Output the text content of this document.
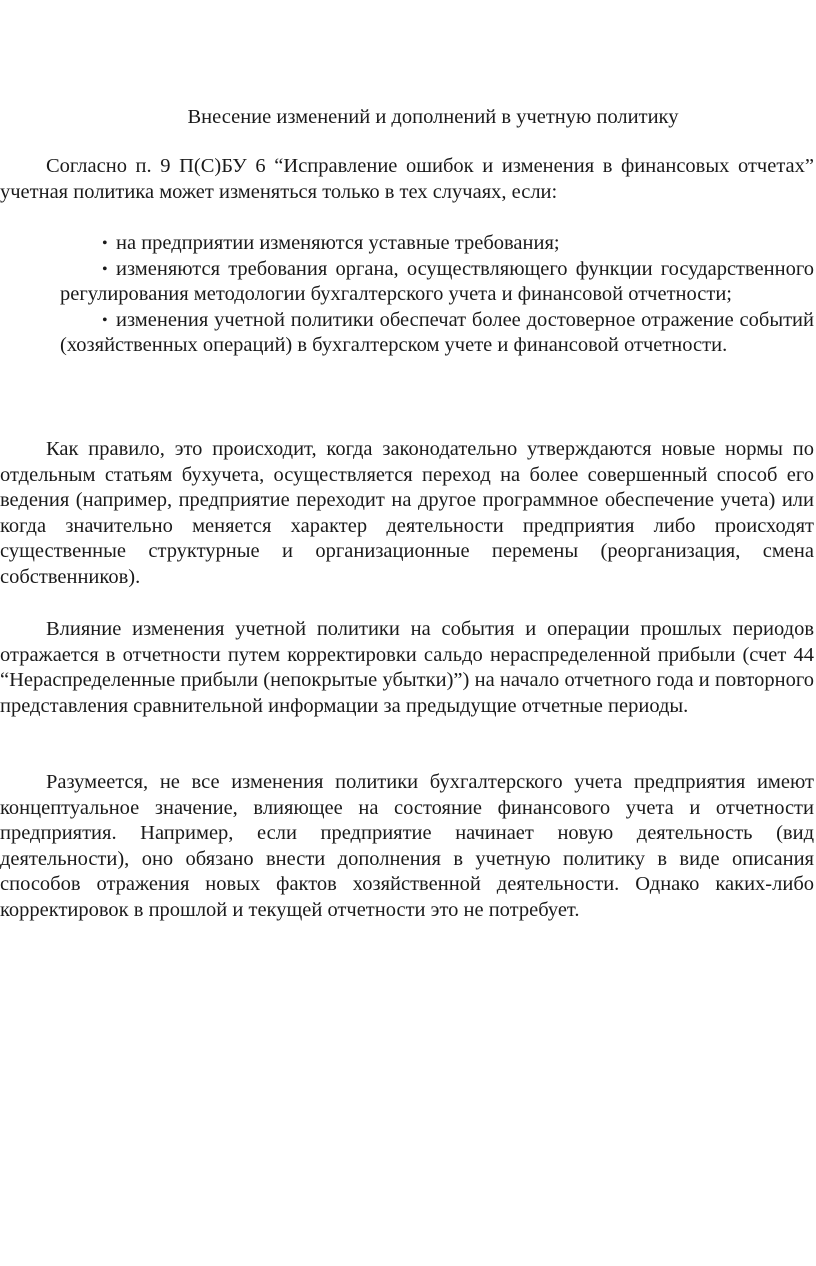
Внесение изменений и дополнений в учетную политику

Согласно п. 9 П(С)БУ 6 “Исправление ошибок и изменения в финансовых отчетах” учетная политика может изменяться только в тех случаях, если:

• на предприятии изменяются уставные требования;
• изменяются требования органа, осуществляющего функции государственного регулирования методологии бухгалтерского учета и финансовой отчетности;
• изменения учетной политики обеспечат более достоверное отражение событий (хозяйственных операций) в бухгалтерском учете и финансовой отчетности.

Как правило, это происходит, когда законодательно утверждаются новые нормы по отдельным статьям бухучета, осуществляется переход на более совершенный способ его ведения (например, предприятие переходит на другое программное обеспечение учета) или когда значительно меняется характер деятельности предприятия либо происходят существенные структурные и организационные перемены (реорганизация, смена собственников).

Влияние изменения учетной политики на события и операции прошлых периодов отражается в отчетности путем корректировки сальдо нераспределенной прибыли (счет 44 “Нераспределенные прибыли (непокрытые убытки)”) на начало отчетного года и повторного представления сравнительной информации за предыдущие отчетные периоды.

Разумеется, не все изменения политики бухгалтерского учета предприятия имеют концептуальное значение, влияющее на состояние финансового учета и отчетности предприятия. Например, если предприятие начинает новую деятельность (вид деятельности), оно обязано внести дополнения в учетную политику в виде описания способов отражения новых фактов хозяйственной деятельности. Однако каких-либо корректировок в прошлой и текущей отчетности это не потребует.
